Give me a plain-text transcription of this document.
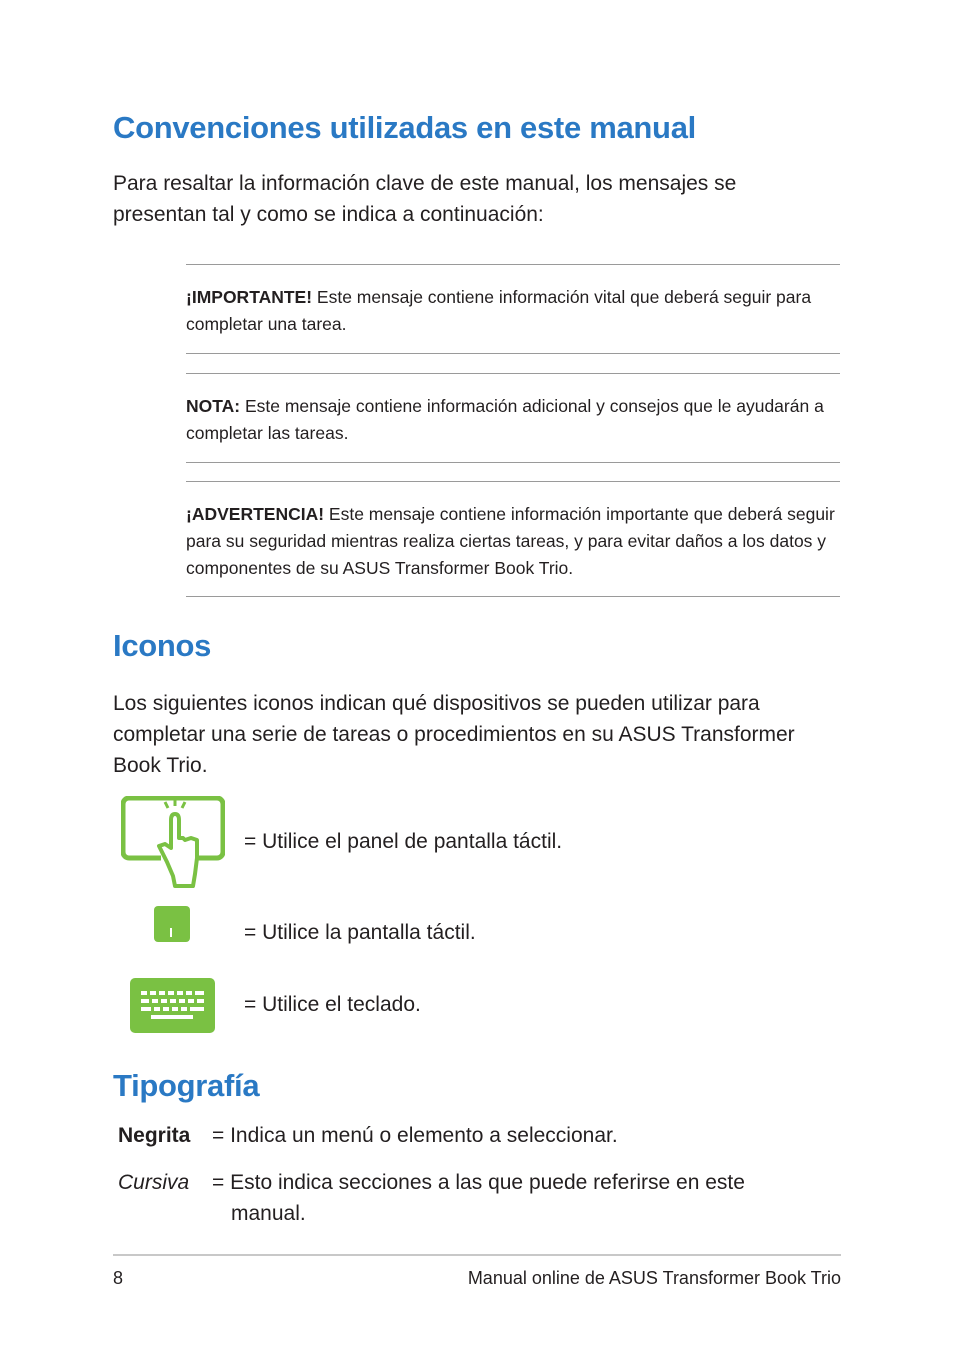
Convenciones utilizadas en este manual
Para resaltar la información clave de este manual, los mensajes se presentan tal y como se indica a continuación:
¡IMPORTANTE! Este mensaje contiene información vital que deberá seguir para completar una tarea.
NOTA: Este mensaje contiene información adicional y consejos que le ayudarán a completar las tareas.
¡ADVERTENCIA! Este mensaje contiene información importante que deberá seguir para su seguridad mientras realiza ciertas tareas, y para evitar daños a los datos y componentes de su ASUS Transformer Book Trio.
Iconos
Los siguientes iconos indican qué dispositivos se pueden utilizar para completar una serie de tareas o procedimientos en su ASUS Transformer Book Trio.
= Utilice el panel de pantalla táctil.
= Utilice la pantalla táctil.
= Utilice el teclado.
Tipografía
Negrita = Indica un menú o elemento a seleccionar.
Cursiva = Esto indica secciones a las que puede referirse en este manual.
8	Manual online de ASUS Transformer Book Trio
